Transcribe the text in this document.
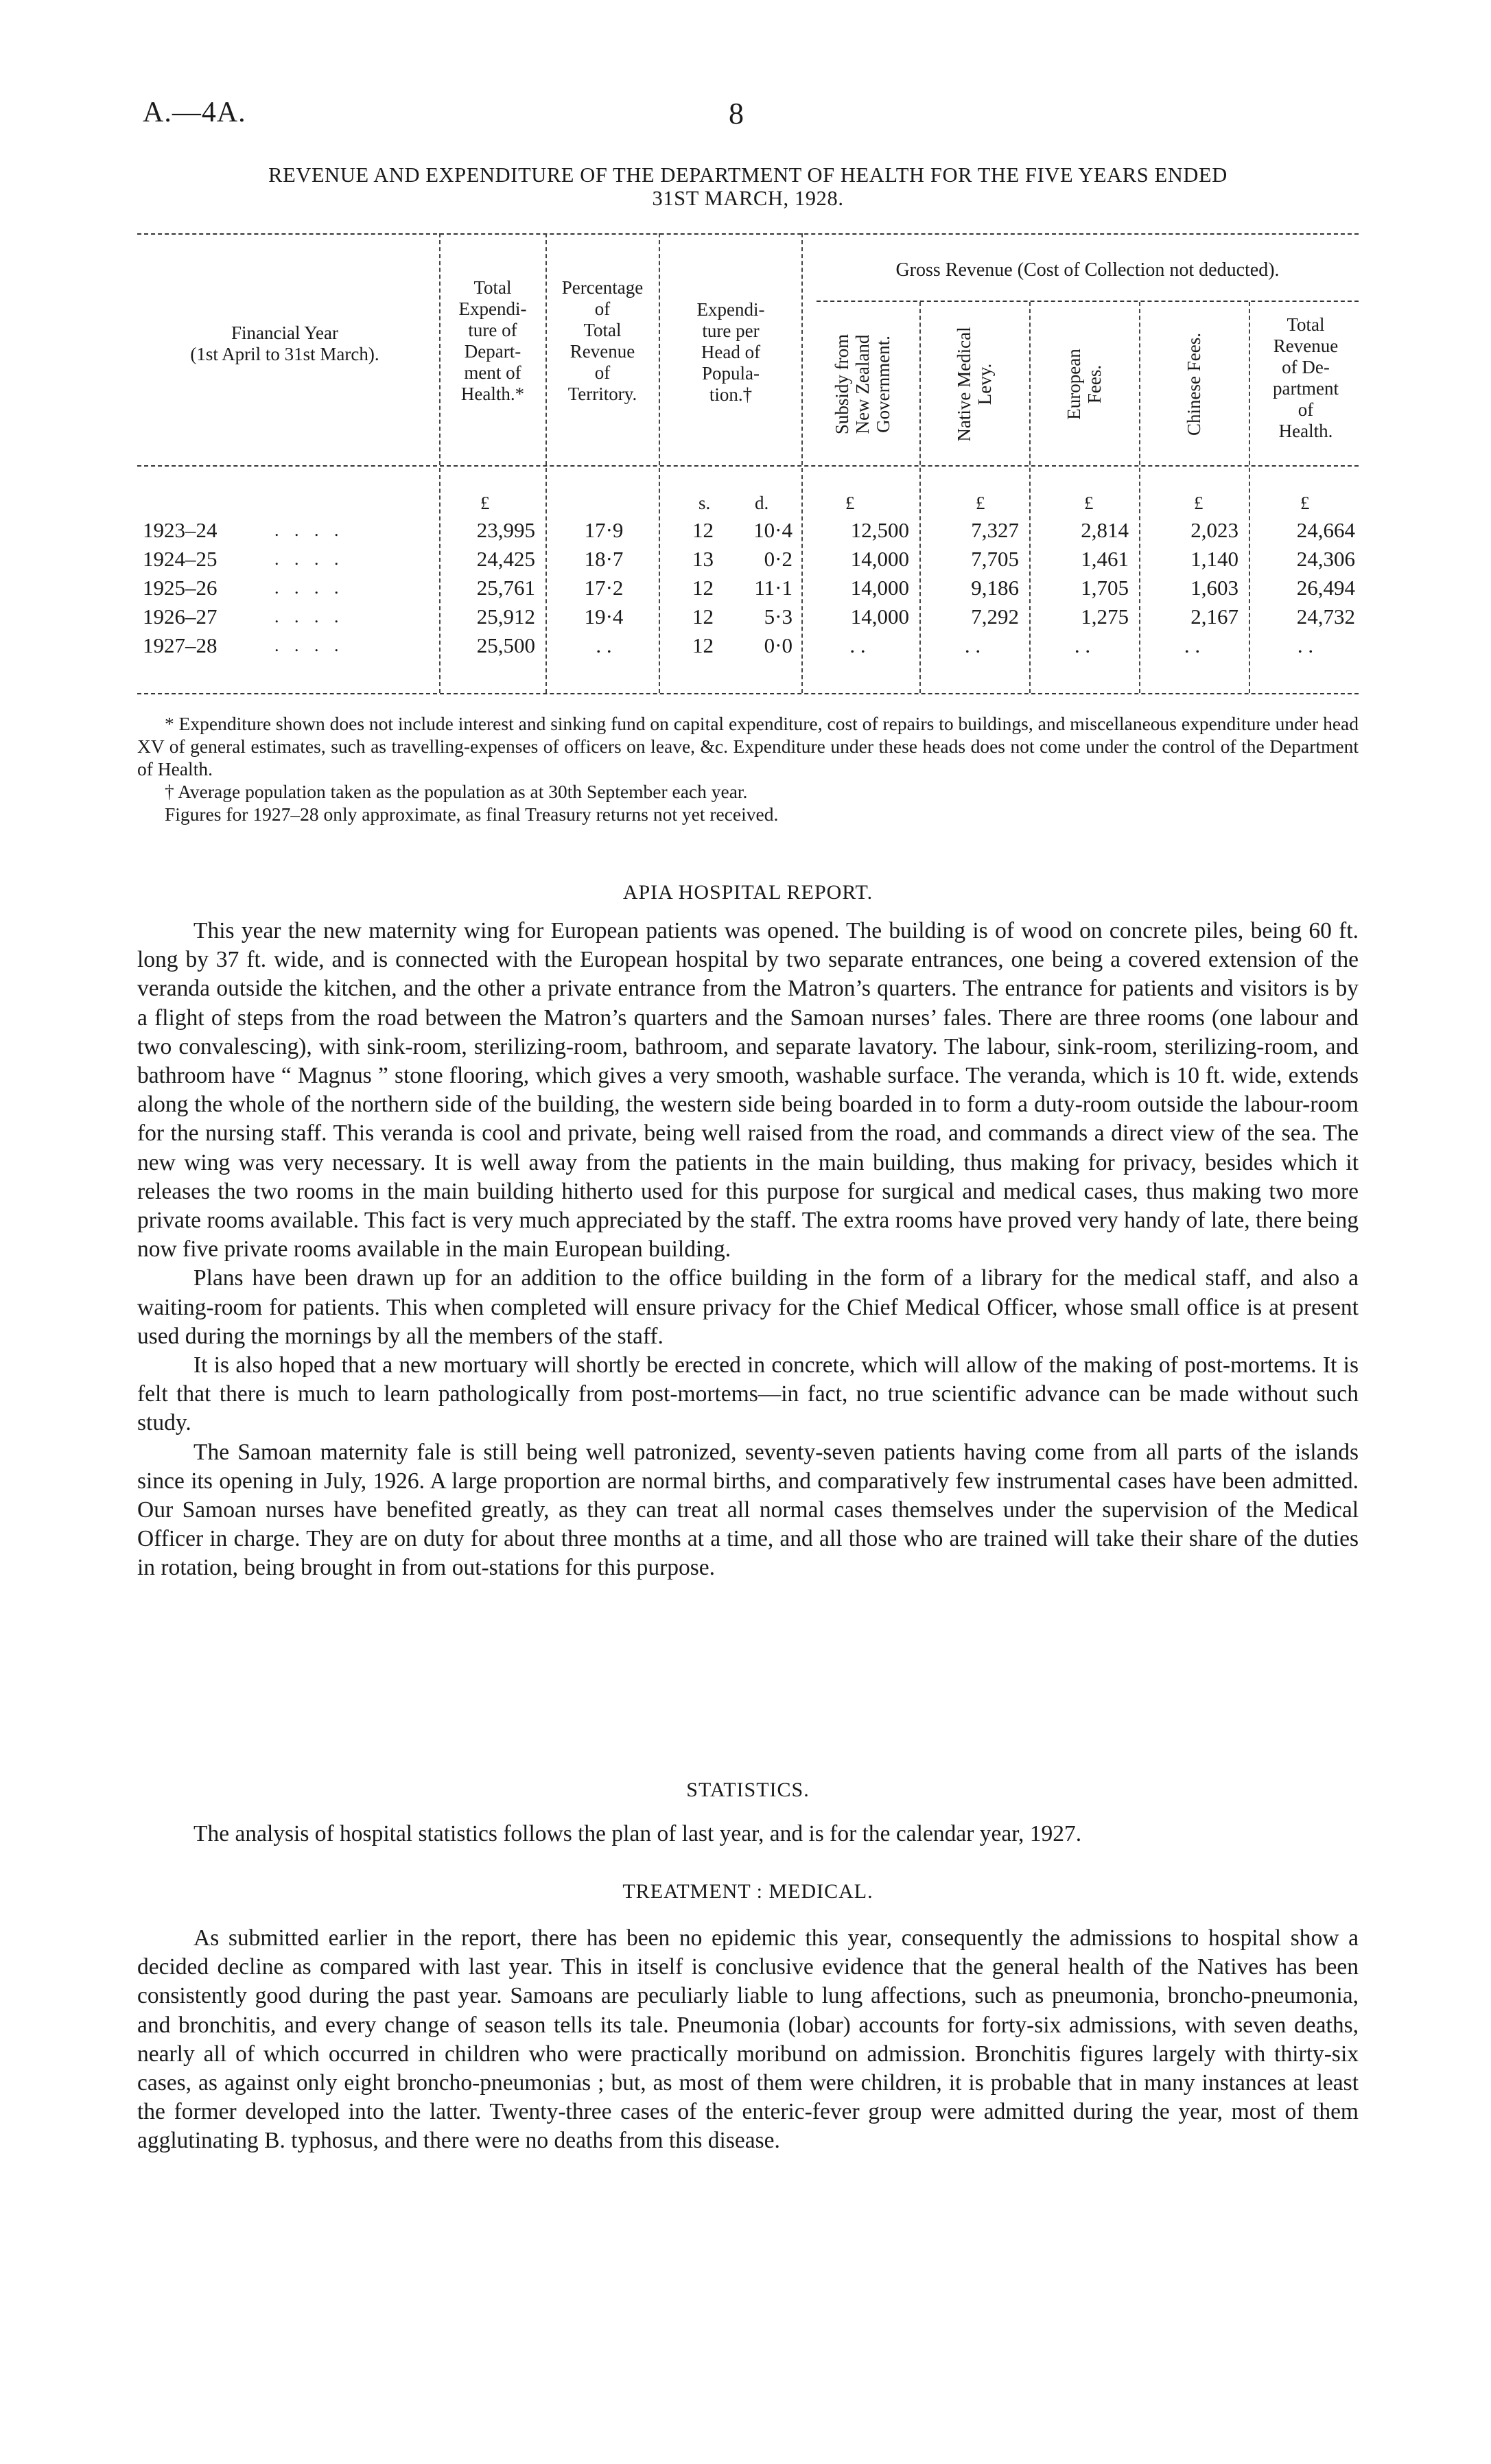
A.—4A.	8
REVENUE AND EXPENDITURE OF THE DEPARTMENT OF HEALTH FOR THE FIVE YEARS ENDED
31ST MARCH, 1928.
Financial Year
(1st April to 31st March).
Total
Expendi-
ture of
Depart-
ment of
Health.*
Percentage
of
Total
Revenue
of
Territory.
Expendi-
ture per
Head of
Popula-
tion.†
Gross Revenue (Cost of Collection not deducted).
Subsidy from New Zealand Government.	Native Medical Levy.	European Fees.	Chinese Fees.
Total
Revenue
of De-
partment
of
Health.
£	s. d.	£	£	£	£	£
1923–24	. . . .	23,995	17·9	12	10·4	12,500	7,327	2,814	2,023	24,664
1924–25	. . . .	24,425	18·7	13	0·2	14,000	7,705	1,461	1,140	24,306
1925–26	. . . .	25,761	17·2	12	11·1	14,000	9,186	1,705	1,603	26,494
1926–27	. . . .	25,912	19·4	12	5·3	14,000	7,292	1,275	2,167	24,732
1927–28	. . . .	25,500	. .	12	0·0	. .	. .	. .	. .	. .

* Expenditure shown does not include interest and sinking fund on capital expenditure, cost of repairs to buildings, and miscellaneous expenditure under head XV of general estimates, such as travelling-expenses of officers on leave, &c. Expenditure under these heads does not come under the control of the Department of Health.

† Average population taken as the population as at 30th September each year.

Figures for 1927–28 only approximate, as final Treasury returns not yet received.

APIA HOSPITAL REPORT.

This year the new maternity wing for European patients was opened. The building is of wood on concrete piles, being 60 ft. long by 37 ft. wide, and is connected with the European hospital by two separate entrances, one being a covered extension of the veranda outside the kitchen, and the other a private entrance from the Matron’s quarters. The entrance for patients and visitors is by a flight of steps from the road between the Matron’s quarters and the Samoan nurses’ fales. There are three rooms (one labour and two convalescing), with sink-room, sterilizing-room, bathroom, and separate lavatory. The labour, sink-room, sterilizing-room, and bathroom have “ Magnus ” stone flooring, which gives a very smooth, washable surface. The veranda, which is 10 ft. wide, extends along the whole of the northern side of the building, the western side being boarded in to form a duty-room outside the labour-room for the nursing staff. This veranda is cool and private, being well raised from the road, and commands a direct view of the sea. The new wing was very necessary. It is well away from the patients in the main building, thus making for privacy, besides which it releases the two rooms in the main building hitherto used for this purpose for surgical and medical cases, thus making two more private rooms available. This fact is very much appreciated by the staff. The extra rooms have proved very handy of late, there being now five private rooms available in the main European building.

Plans have been drawn up for an addition to the office building in the form of a library for the medical staff, and also a waiting-room for patients. This when completed will ensure privacy for the Chief Medical Officer, whose small office is at present used during the mornings by all the members of the staff.

It is also hoped that a new mortuary will shortly be erected in concrete, which will allow of the making of post-mortems. It is felt that there is much to learn pathologically from post-mortems—in fact, no true scientific advance can be made without such study.

The Samoan maternity fale is still being well patronized, seventy-seven patients having come from all parts of the islands since its opening in July, 1926. A large proportion are normal births, and comparatively few instrumental cases have been admitted. Our Samoan nurses have benefited greatly, as they can treat all normal cases themselves under the supervision of the Medical Officer in charge. They are on duty for about three months at a time, and all those who are trained will take their share of the duties in rotation, being brought in from out-stations for this purpose.

STATISTICS.

The analysis of hospital statistics follows the plan of last year, and is for the calendar year, 1927.

TREATMENT : MEDICAL.

As submitted earlier in the report, there has been no epidemic this year, consequently the admissions to hospital show a decided decline as compared with last year. This in itself is conclusive evidence that the general health of the Natives has been consistently good during the past year. Samoans are peculiarly liable to lung affections, such as pneumonia, broncho-pneumonia, and bronchitis, and every change of season tells its tale. Pneumonia (lobar) accounts for forty-six admissions, with seven deaths, nearly all of which occurred in children who were practically moribund on admission. Bronchitis figures largely with thirty-six cases, as against only eight broncho-pneumonias ; but, as most of them were children, it is probable that in many instances at least the former developed into the latter. Twenty-three cases of the enteric-fever group were admitted during the year, most of them agglutinating B. typhosus, and there were no deaths from this disease.
